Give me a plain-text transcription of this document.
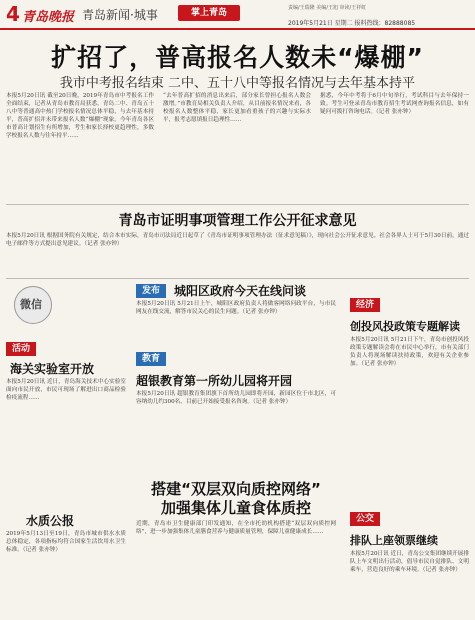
4 青岛晚报 青岛新闻·城事	掌上青岛	责编/王瑞隆 美编/王旭 审读/王祥虹
2019年5月21日 星期二 报料热线：82888085
扩招了，普高报名人数未“爆棚”
我市中考报名结束 二中、五十八中等报名情况与去年基本持平
本报5月20日讯 截至20日晚，2019年青岛市中考报名工作全面结束，记者从青岛市教育局获悉，青岛二中、青岛五十八中等普通高中热门学校报名情况总体平稳，与去年基本持平，普高扩招并未带来报名人数“爆棚”现象。今年青岛各区市普高计划招生有所增加，考生和家长择校更趋理性，多数学校报名人数与往年持平……
“去年普高扩招的消息出来后，部分家长曾担心报名人数会激增。”市教育局相关负责人介绍，从目前报名情况来看，各校报名人数整体平稳，家长更加看重孩子的兴趣与实际水平，报考志愿填报日趋理性……
据悉，今年中考将于6月中旬举行，考试科目与去年保持一致。考生可登录青岛市教育招生考试网查询报名信息，如有疑问可拨打咨询电话。（记者 张亦钟）
青岛市证明事项管理工作公开征求意见
本报5月20日讯 根据国务院有关规定，结合本市实际，青岛市司法局近日起草了《青岛市证明事项管理办法（征求意见稿）》，现向社会公开征求意见。社会各界人士可于5月30日前，通过电子邮件等方式提出意见建议。（记者 张亦钟）
微信
活动
海关实验室开放
本报5月20日讯 近日，青岛海关技术中心实验室面向市民开放，市民可现场了解进出口商品检验检疫流程……
水质公报
2019年5月13日至19日，青岛市城市供水水质总体稳定，各项指标均符合国家生活饮用水卫生标准。（记者 张亦钟）
发布	城阳区政府今天在线问谈
本报5月20日讯 5月21日上午，城阳区政府负责人将做客网络问政平台，与市民网友在线交流，解答市民关心的民生问题。（记者 张亦钟）
教育
超银教育第一所幼儿园将开园
本报5月20日讯 超银教育集团旗下首所幼儿园即将开园，新园区位于市北区，可容纳幼儿约300名，目前已开始接受报名咨询。（记者 张亦钟）
搭建“双层双向质控网络”
加强集体儿童食体质控
近期，青岛市卫生健康部门印发通知，在全市托幼机构搭建“双层双向质控网络”，进一步加强集体儿童膳食营养与健康质量管理，保障儿童健康成长……
经济
创投风投政策专题解读
本报5月20日讯 5月21日下午，青岛市创投风投政策专题解读会将在市民中心举行，市有关部门负责人将现场解读扶持政策，欢迎有关企业参加。（记者 张亦钟）
公交
排队上座领票继续
本报5月20日讯 近日，青岛公交集团继续开展排队上车文明出行活动，倡导市民自觉排队、文明乘车，营造良好的乘车环境。（记者 张亦钟）
